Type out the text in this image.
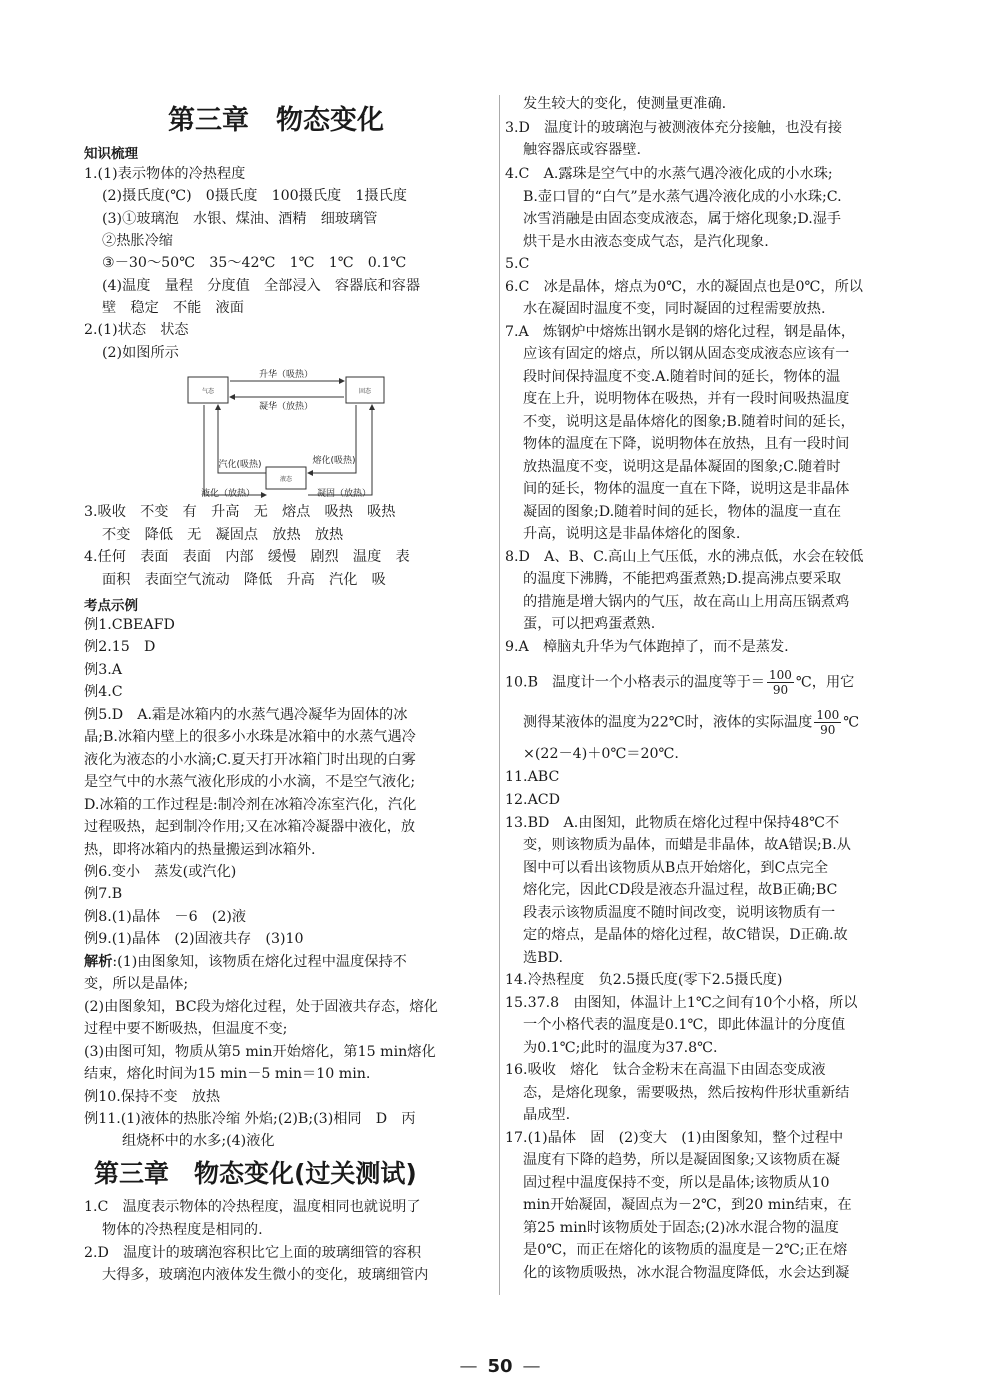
第三章　物态变化
知识梳理
1.(1)表示物体的冷热程度
(2)摄氏度(℃)　0摄氏度　100摄氏度　1摄氏度
(3)①玻璃泡　水银、煤油、酒精　细玻璃管
②热胀冷缩
③－30～50℃　35～42℃　1℃　1℃　0.1℃
(4)温度　量程　分度值　全部浸入　容器底和容器
壁　稳定　不能　液面
2.(1)状态　状态
(2)如图所示
3.吸收　不变　有　升高　无　熔点　吸热　吸热
不变　降低　无　凝固点　放热　放热
4.任何　表面　表面　内部　缓慢　剧烈　温度　表
面积　表面空气流动　降低　升高　汽化　吸
考点示例
例1.CBEAFD
例2.15　D
例3.A
例4.C
例5.D　A.霜是冰箱内的水蒸气遇冷凝华为固体的冰
晶;B.冰箱内壁上的很多小水珠是冰箱中的水蒸气遇冷
液化为液态的小水滴;C.夏天打开冰箱门时出现的白雾
是空气中的水蒸气液化形成的小水滴，不是空气液化;
D.冰箱的工作过程是:制冷剂在冰箱冷冻室汽化，汽化
过程吸热，起到制冷作用;又在冰箱冷凝器中液化，放
热，即将冰箱内的热量搬运到冰箱外.
例6.变小　蒸发(或汽化)
例7.B
例8.(1)晶体　－6　(2)液
例9.(1)晶体　(2)固液共存　(3)10
解析:(1)由图象知，该物质在熔化过程中温度保持不
变，所以是晶体;
(2)由图象知，BC段为熔化过程，处于固液共存态，熔化
过程中要不断吸热，但温度不变;
(3)由图可知，物质从第5 min开始熔化，第15 min熔化
结束，熔化时间为15 min－5 min＝10 min.
例10.保持不变　放热
例11.(1)液体的热胀冷缩 外焰;(2)B;(3)相同　D　丙
组烧杯中的水多;(4)液化
第三章　物态变化(过关测试)
1.C　温度表示物体的冷热程度，温度相同也就说明了
物体的冷热程度是相同的.
2.D　温度计的玻璃泡容积比它上面的玻璃细管的容积
大得多，玻璃泡内液体发生微小的变化，玻璃细管内
气态	固态
液态
升华（吸热）
凝华（放热）
汽化(吸热)
液化（放热）
熔化(吸热)
凝固（放热）
发生较大的变化，使测量更准确.
3.D　温度计的玻璃泡与被测液体充分接触，也没有接
触容器底或容器壁.
4.C　A.露珠是空气中的水蒸气遇冷液化成的小水珠;
B.壶口冒的“白气”是水蒸气遇冷液化成的小水珠;C.
冰雪消融是由固态变成液态，属于熔化现象;D.湿手
烘干是水由液态变成气态，是汽化现象.
5.C
6.C　冰是晶体，熔点为0℃，水的凝固点也是0℃，所以
水在凝固时温度不变，同时凝固的过程需要放热.
7.A　炼钢炉中熔炼出钢水是钢的熔化过程，钢是晶体，
应该有固定的熔点，所以钢从固态变成液态应该有一
段时间保持温度不变.A.随着时间的延长，物体的温
度在上升，说明物体在吸热，并有一段时间吸热温度
不变，说明这是晶体熔化的图象;B.随着时间的延长，
物体的温度在下降，说明物体在放热，且有一段时间
放热温度不变，说明这是晶体凝固的图象;C.随着时
间的延长，物体的温度一直在下降，说明这是非晶体
凝固的图象;D.随着时间的延长，物体的温度一直在
升高，说明这是非晶体熔化的图象.
8.D　A、B、C.高山上气压低，水的沸点低，水会在较低
的温度下沸腾，不能把鸡蛋煮熟;D.提高沸点要采取
的措施是增大锅内的气压，故在高山上用高压锅煮鸡
蛋，可以把鸡蛋煮熟.
9.A　樟脑丸升华为气体跑掉了，而不是蒸发.
10.B　温度计一个小格表示的温度等于＝ $\frac{100}{90}$ ℃，用它
测得某液体的温度为22℃时，液体的实际温度 $\frac{100}{90}$ ℃
×(22－4)＋0℃＝20℃.
11.ABC
12.ACD
13.BD　A.由图知，此物质在熔化过程中保持48℃不
变，则该物质为晶体，而蜡是非晶体，故A错误;B.从
图中可以看出该物质从B点开始熔化，到C点完全
熔化完，因此CD段是液态升温过程，故B正确;BC
段表示该物质温度不随时间改变，说明该物质有一
定的熔点，是晶体的熔化过程，故C错误，D正确.故
选BD.
14.冷热程度　负2.5摄氏度(零下2.5摄氏度)
15.37.8　由图知，体温计上1℃之间有10个小格，所以
一个小格代表的温度是0.1℃，即此体温计的分度值
为0.1℃;此时的温度为37.8℃.
16.吸收　熔化　钛合金粉末在高温下由固态变成液
态，是熔化现象，需要吸热，然后按构件形状重新结
晶成型.
17.(1)晶体　固　(2)变大　(1)由图象知，整个过程中
温度有下降的趋势，所以是凝固图象;又该物质在凝
固过程中温度保持不变，所以是晶体;该物质从10
min开始凝固，凝固点为－2℃，到20 min结束，在
第25 min时该物质处于固态;(2)冰水混合物的温度
是0℃，而正在熔化的该物质的温度是－2℃;正在熔
化的该物质吸热，冰水混合物温度降低，水会达到凝
— 50 —
